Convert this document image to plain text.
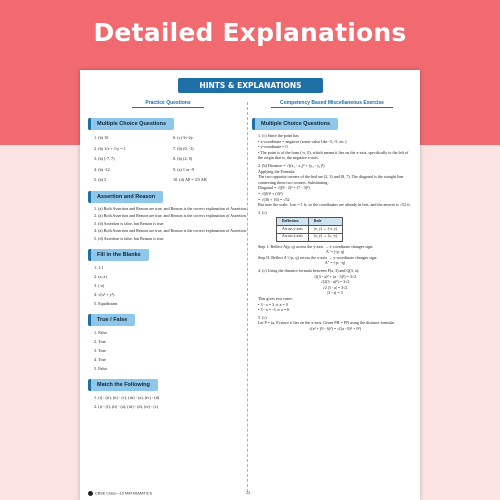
Detailed Explanations
HINTS & EXPLANATIONS
Practice Questions
Multiple Choice Questions
1. (b) 10	6. (c) 3√-2y
2. (b) 1/x + 1/y = 1	7. (b) (0, -1)
3. (b) (-7, 7)	8. (b) (2, 9)
4. (b) -12	9. (a) 1 or -9
5. (b) 5	10. (d) AP = 3/5 AB
Assertion and Reason
1. (a) Both Assertion and Reason are true, and Reason is the correct explanation of Assertion.
2. (a) Both Assertion and Reason are true, and Reason is the correct explanation of Assertion.
3. (d) Assertion is false, but Reason is true.
4. (a) Both Assertion and Reason are true, and Reason is the correct explanation of Assertion.
5. (d) Assertion is false, but Reason is true.
Fill in the Blanks
1. 1:1
2. (a, a)
3. (-a)
4. √(x² + y²)
5. Equidistant
True / False
1. False
2. True
3. True
4. True
5. False
Match the Following
1. (i) - (ii), (ii) - (c), (iii) - (a), (iv) - (d)
2. (i) - (f), (ii) - (a), (iii) - (d), (iv) - (c)
Competency Based Miscellaneous Exercise
Multiple Choice Questions

1. (c) Since the point has

• x-coordinate = negative (some value like -3, -5, etc.)

• y-coordinate = 0

• The point is of the form (-x, 0), which means it lies on the x-axis, specifically to the left of the origin that is, the negative x-axis.

2. (b) Distance = √((x₂ - x₁)² + (y₂ - y₁)²)

Applying the Formula

The two opposite corners of the bed are (2, 3) and (8, 7). The diagonal is the straight line connecting these two corners. Substituting:

Diagonal = √((8 - 2)² + (7 - 3)²)

= √((6)² + (4)²)

= √(36 + 16) = √52

But note the scale: 1cm = 1 ft, so the coordinates are already in feet, and the answer is √52 ft.

3. (c)

Reflection	Rule
Across y-axis	(x, y) → (-x, y)
Across x-axis	(x, y) → (x, -y)

Step 1: Reflect A(p, q) across the y-axis → x-coordinate changes sign:

A' = (-p, q)

Step II: Reflect A' (-p, q) across the x-axis → y-coordinate changes sign:

A'' = (-p, -q)

4. (c) Using the distance formula between P(a, 3) and Q(3, a):

√((3 - a)² + (a - 3)²) = 3√2

√(2(3 - a)²) = 3√2

√2 |3 - a| = 3√2

|3 - a| = 3

This gives two cases:

• 3 - a = 3 ⇒ a = 0

• 3 - a = -3 ⇒ a = 6

5. (c)

Let P = (a, 0) since it lies on the x-axis. Given PH = PN using the distance formula:

√(a² + (0 - 6)²) = √((a - 8)² + 0²)

CBSE Class—10 MATHEMATICS	24
